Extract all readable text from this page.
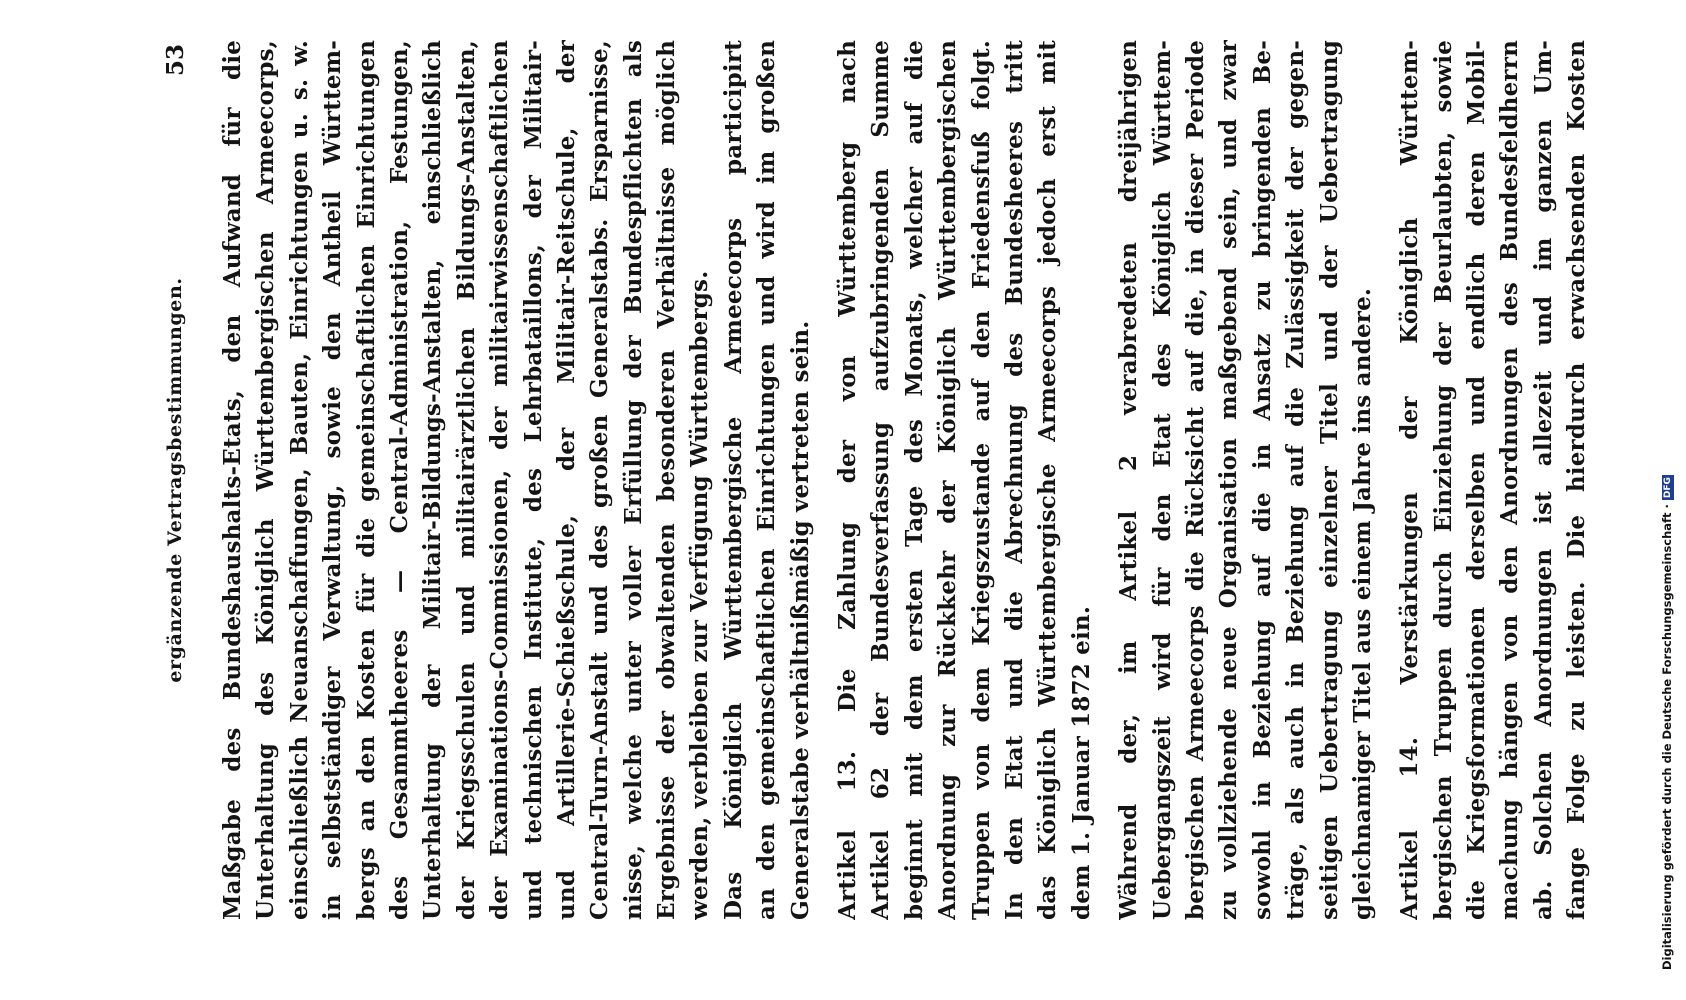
ergänzende Vertragsbestimmungen.
53 Maßgabe des Bundeshaushalts-Etats, den Aufwand für die Unterhaltung des Königlich Württembergischen Armeecorps, einschließlich Neuanschaffungen, Bauten, Einrichtungen u. s. w. in selbstständiger Verwaltung, sowie den Antheil Württem- bergs an den Kosten für die gemeinschaftlichen Einrichtungen des Gesammtheeres — Central-Administration, Festungen, Unterhaltung der Militair-Bildungs-Anstalten, einschließlich der Kriegsschulen und militairärztlichen Bildungs-Anstalten, der Examinations-Commissionen, der militairwissenschaftlichen und technischen Institute, des Lehrbataillons, der Militair- und Artillerie-Schießschule, der Militair-Reitschule, der Central-Turn-Anstalt und des großen Generalstabs. Ersparnisse, nisse, welche unter voller Erfüllung der Bundespflichten als Ergebnisse der obwaltenden besonderen Verhältnisse möglich werden, verbleiben zur Verfügung Württembergs. Das Königlich Württembergische Armeecorps participirt an den gemeinschaftlichen Einrichtungen und wird im großen Generalstabe verhältnißmäßig vertreten sein. Artikel 13. Die Zahlung der von Württemberg nach Artikel 62 der Bundesverfassung aufzubringenden Summe beginnt mit dem ersten Tage des Monats, welcher auf die Anordnung zur Rückkehr der Königlich Württembergischen Truppen von dem Kriegszustande auf den Friedensfuß folgt. In den Etat und die Abrechnung des Bundesheeres tritt das Königlich Württembergische Armeecorps jedoch erst mit dem 1. Januar 1872 ein. Während der, im Artikel 2 verabredeten dreijährigen Uebergangszeit wird für den Etat des Königlich Württem- bergischen Armeecorps die Rücksicht auf die, in dieser Periode zu vollziehende neue Organisation maßgebend sein, und zwar sowohl in Beziehung auf die in Ansatz zu bringenden Be- träge, als auch in Beziehung auf die Zulässigkeit der gegen- seitigen Uebertragung einzelner Titel und der Uebertragung gleichnamiger Titel aus einem Jahre ins andere. Artikel 14. Verstärkungen der Königlich Württem- bergischen Truppen durch Einziehung der Beurlaubten, sowie die Kriegsformationen derselben und endlich deren Mobil- machung hängen von den Anordnungen des Bundesfeldherrn ab. Solchen Anordnungen ist allezeit und im ganzen Um- fange Folge zu leisten. Die hierdurch erwachsenden Kosten	Digitalisierung gefördert durch die Deutsche Forschungsgemeinschaft ·DFG
